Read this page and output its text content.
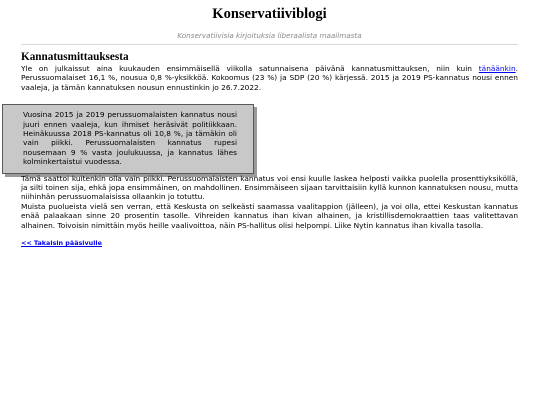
Konservatiiviblogi
Konservatiivisia kirjoituksia liberaalista maailmasta
Kannatusmittauksesta

Yle on julkaissut aina kuukauden ensimmäisellä viikolla satunnaisena päivänä kannatusmittauksen, niin kuin tänäänkin. Perussuomalaiset 16,1 %, nousua 0,8 %-yksikköä. Kokoomus (23 %) ja SDP (20 %) kärjessä. 2015 ja 2019 PS-kannatus nousi ennen vaaleja, ja tämän kannatuksen nousun ennustinkin jo 26.7.2022.

Vuosina 2015 ja 2019 perussuomalaisten kannatus nousi juuri ennen vaaleja, kun ihmiset heräsivät politiikkaan. Heinäkuussa 2018 PS-kannatus oli 10,8 %, ja tämäkin oli vain piikki. Perussuomalaisten kannatus rupesi nousemaan 9 % vasta joulukuussa, ja kannatus lähes kolminkertaistui vuodessa.

Tämä saattoi kuitenkin olla vain piikki. Perussuomalaisten kannatus voi ensi kuulle laskea helposti vaikka puolella prosenttiyksiköllä, ja silti toinen sija, ehkä jopa ensimmäinen, on mahdollinen. Ensimmäiseen sijaan tarvittaisiin kyllä kunnon kannatuksen nousu, mutta niihinhän perussuomalaisissa ollaankin jo totuttu.

Muista puolueista vielä sen verran, että Keskusta on selkeästi saamassa vaalitappion (jälleen), ja voi olla, ettei Keskustan kannatus enää palaakaan sinne 20 prosentin tasolle. Vihreiden kannatus ihan kivan alhainen, ja kristillisdemokraattien taas valitettavan alhainen. Toivoisin nimittäin myös heille vaalivoittoa, näin PS-hallitus olisi helpompi. Liike Nytin kannatus ihan kivalla tasolla.

<< Takaisin pääsivulle
